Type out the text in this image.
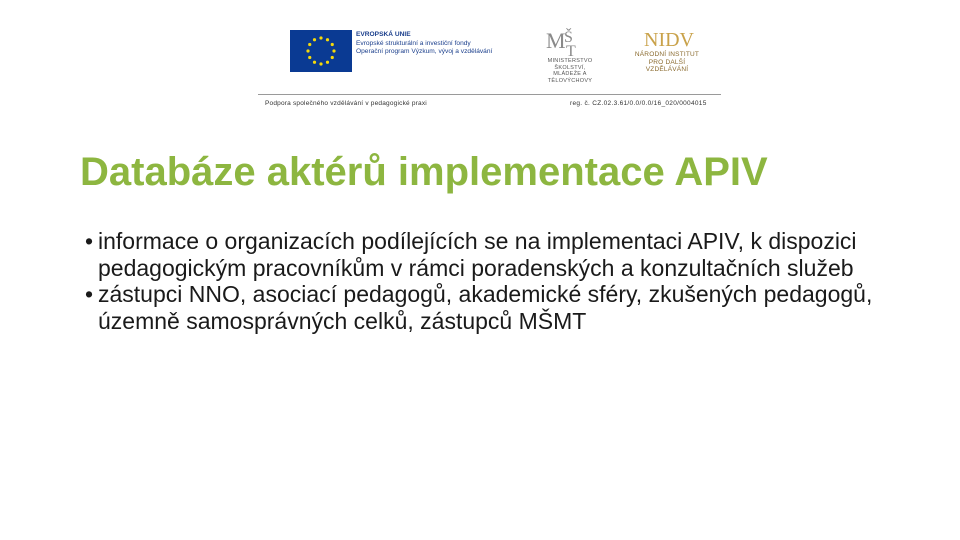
EVROPSKÁ UNIE
Evropské strukturální a investiční fondy
Operační program Výzkum, vývoj a vzdělávání M
Š
T
MINISTERSTVO ŠKOLSTVÍ,
MLÁDEŽE A TĚLOVÝCHOVY
NIDV
NÁRODNÍ INSTITUT
PRO DALŠÍ
VZDĚLÁVÁNÍ
Podpora společného vzdělávání v pedagogické praxi	reg. č. CZ.02.3.61/0.0/0.0/16_020/0004015
Databáze aktérů implementace APIV
• informace o organizacích podílejících se na implementaci APIV, k dispozici pedagogickým pracovníkům v rámci poradenských a konzultačních služeb
• zástupci NNO, asociací pedagogů, akademické sféry, zkušených pedagogů, územně samosprávných celků, zástupců MŠMT
